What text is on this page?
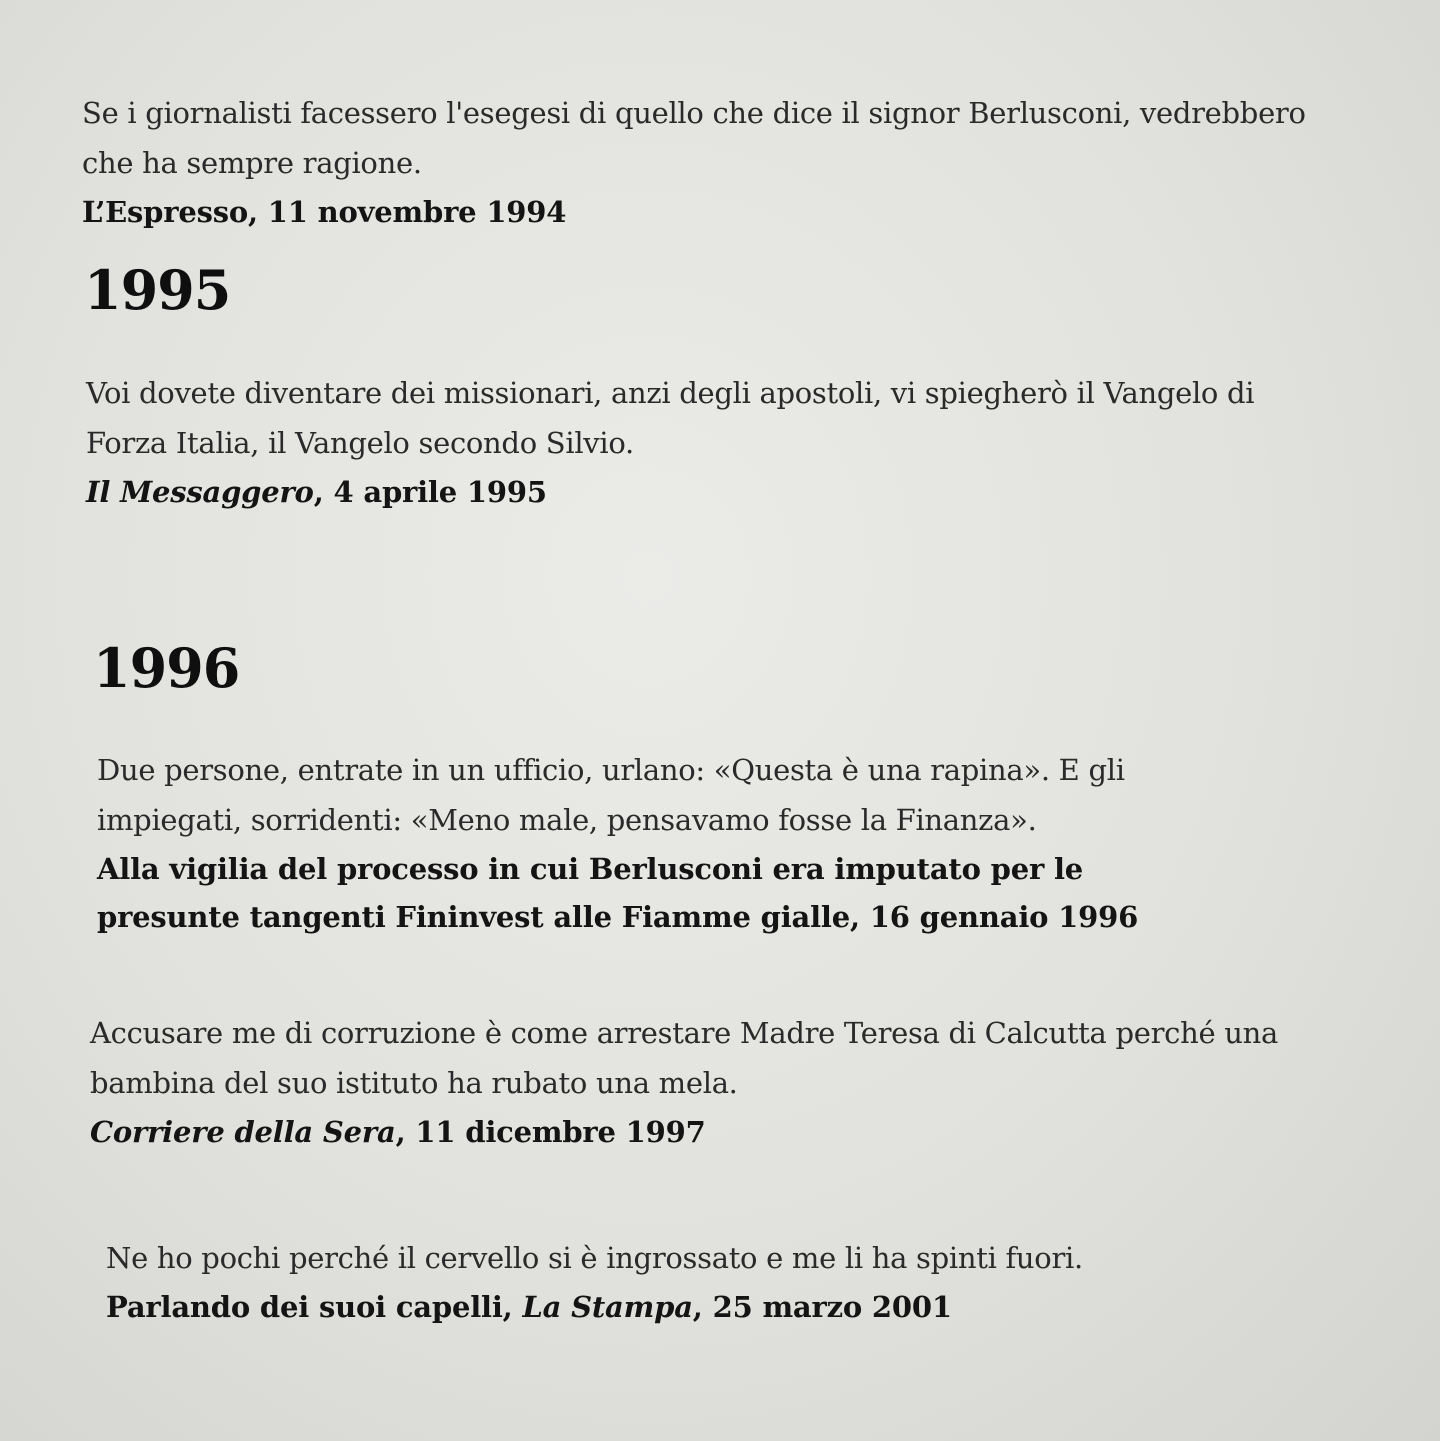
Se i giornalisti facessero l'esegesi di quello che dice il signor Berlusconi, vedrebbero che ha sempre ragione.

L’Espresso, 11 novembre 1994

1995

Voi dovete diventare dei missionari, anzi degli apostoli, vi spiegherò il Vangelo di Forza Italia, il Vangelo secondo Silvio.

Il Messaggero, 4 aprile 1995

1996

Due persone, entrate in un ufficio, urlano: «Questa è una rapina». E gli impiegati, sorridenti: «Meno male, pensavamo fosse la Finanza».

Alla vigilia del processo in cui Berlusconi era imputato per le presunte tangenti Fininvest alle Fiamme gialle, 16 gennaio 1996

Accusare me di corruzione è come arrestare Madre Teresa di Calcutta perché una bambina del suo istituto ha rubato una mela.

Corriere della Sera, 11 dicembre 1997

Ne ho pochi perché il cervello si è ingrossato e me li ha spinti fuori.

Parlando dei suoi capelli, La Stampa, 25 marzo 2001
